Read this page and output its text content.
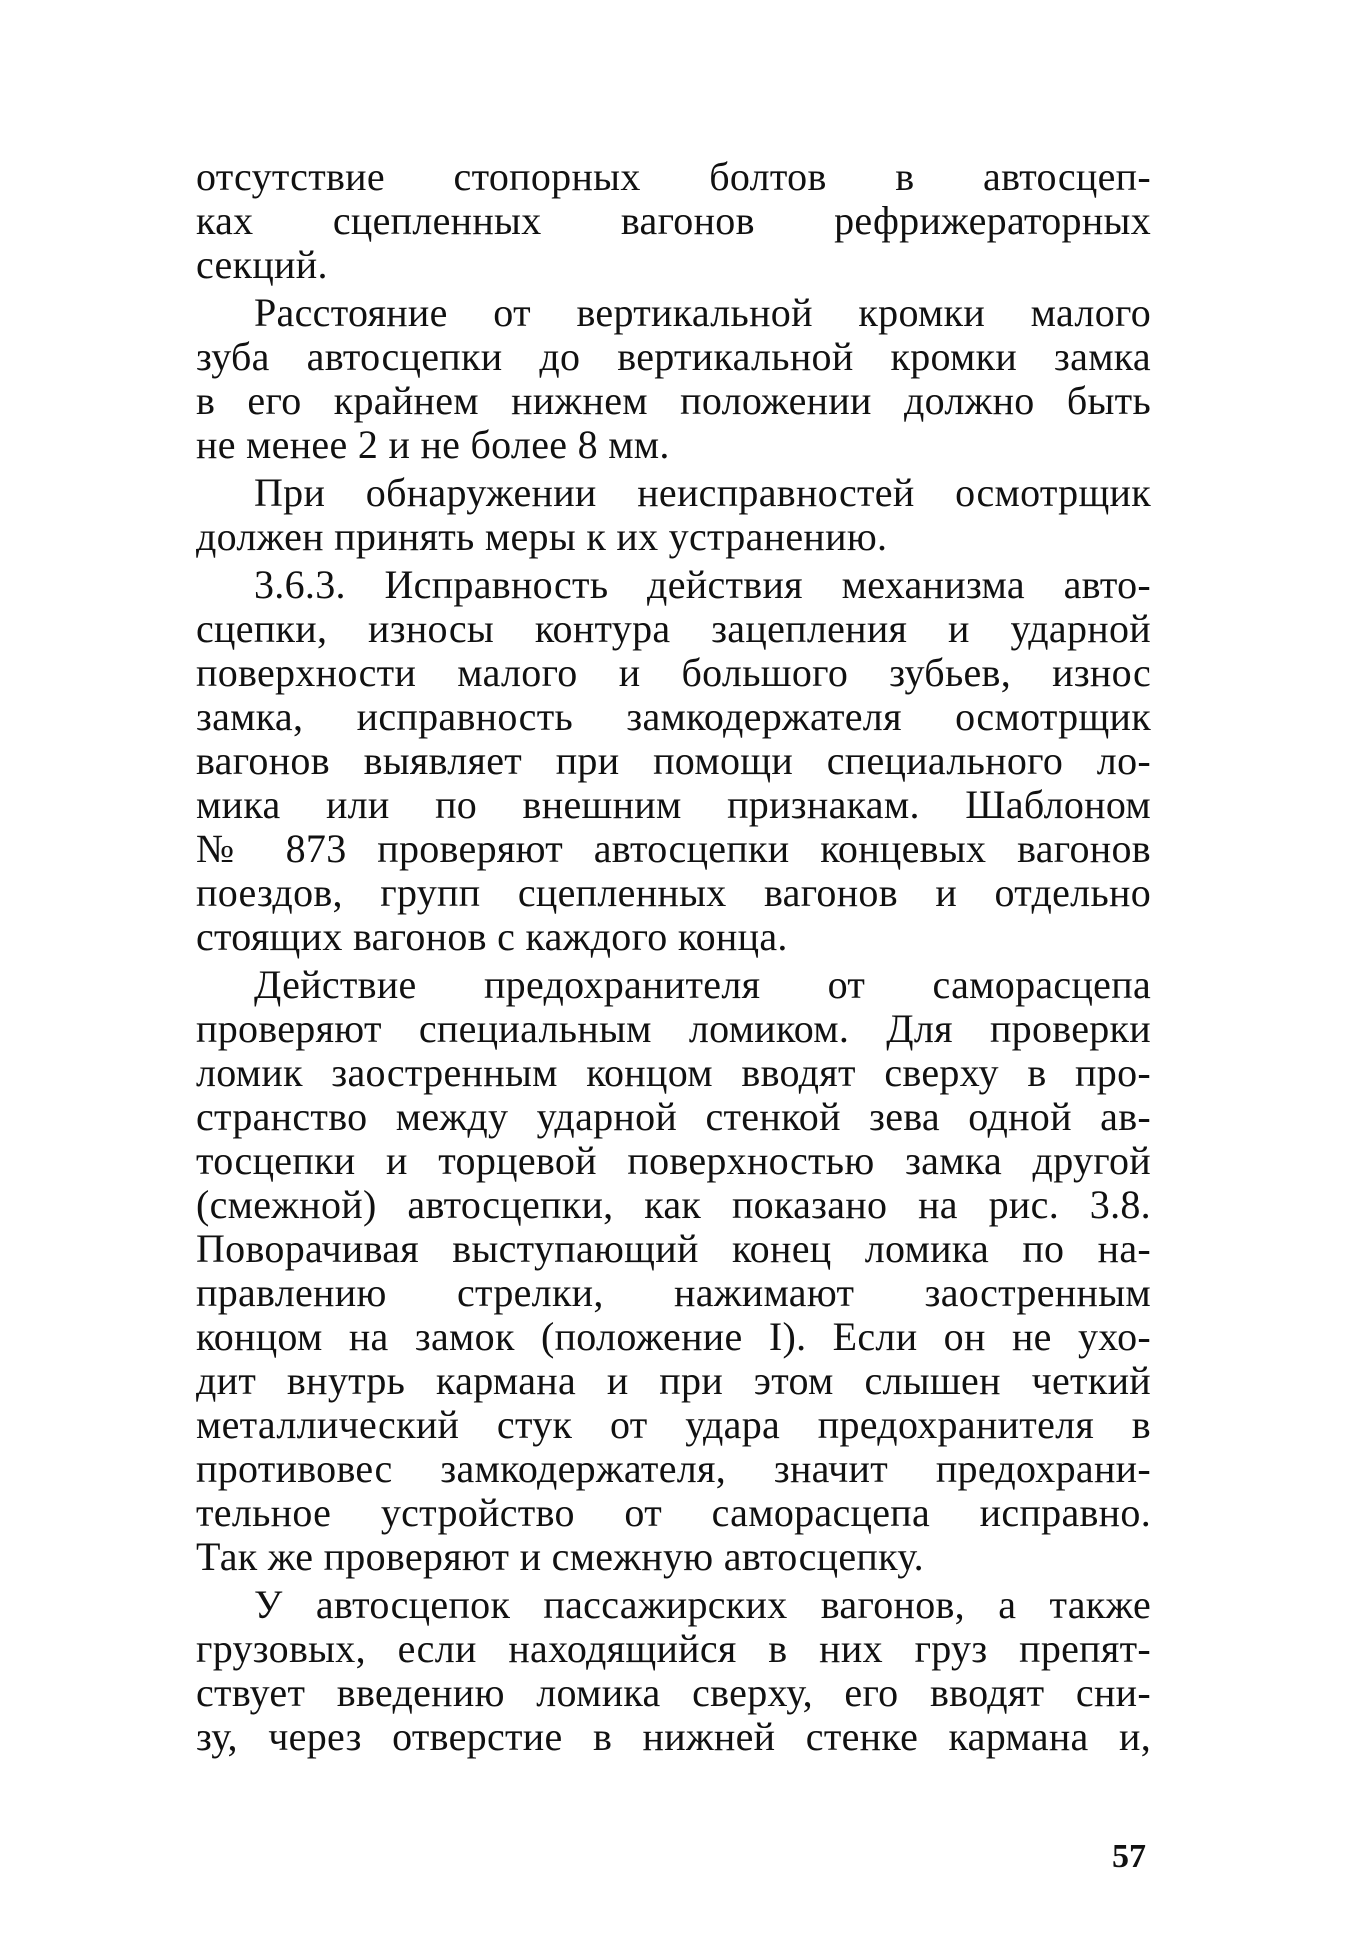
отсутствие стопорных болтов в автосцеп-
ках сцепленных вагонов рефрижераторных
секций.
Расстояние от вертикальной кромки малого
зуба автосцепки до вертикальной кромки замка
в его крайнем нижнем положении должно быть
не менее 2 и не более 8 мм.
При обнаружении неисправностей осмотрщик
должен принять меры к их устранению.
3.6.3. Исправность действия механизма авто-
сцепки, износы контура зацепления и ударной
поверхности малого и большого зубьев, износ
замка, исправность замкодержателя осмотрщик
вагонов выявляет при помощи специального ло-
мика или по внешним признакам. Шаблоном
№ 873 проверяют автосцепки концевых вагонов
поездов, групп сцепленных вагонов и отдельно
стоящих вагонов с каждого конца.
Действие предохранителя от саморасцепа
проверяют специальным ломиком. Для проверки
ломик заостренным концом вводят сверху в про-
странство между ударной стенкой зева одной ав-
тосцепки и торцевой поверхностью замка другой
(смежной) автосцепки, как показано на рис. 3.8.
Поворачивая выступающий конец ломика по на-
правлению стрелки, нажимают заостренным
концом на замок (положение I). Если он не ухо-
дит внутрь кармана и при этом слышен четкий
металлический стук от удара предохранителя в
противовес замкодержателя, значит предохрани-
тельное устройство от саморасцепа исправно.
Так же проверяют и смежную автосцепку.
У автосцепок пассажирских вагонов, а также
грузовых, если находящийся в них груз препят-
ствует введению ломика сверху, его вводят сни-
зу, через отверстие в нижней стенке кармана и,
57
